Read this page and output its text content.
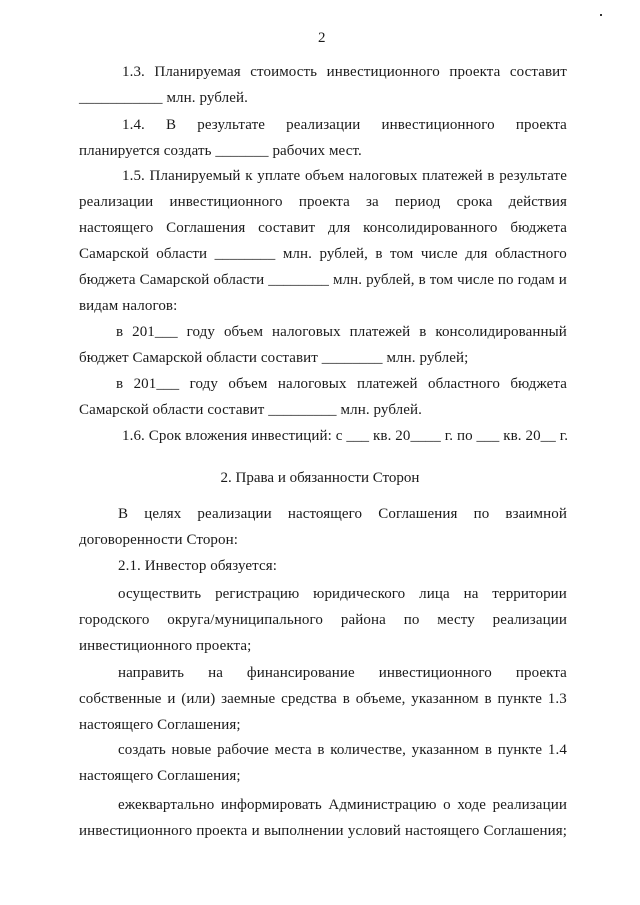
2
1.3. Планируемая стоимость инвестиционного проекта составит
___________ млн. рублей.
1.4. В результате реализации инвестиционного проекта
планируется создать _______ рабочих мест.
1.5. Планируемый к уплате объем налоговых платежей в результате
реализации инвестиционного проекта за период срока действия
настоящего Соглашения составит для консолидированного бюджета
Самарской области ________ млн. рублей, в том числе для областного
бюджета Самарской области ________ млн. рублей, в том числе по годам и
видам налогов:
в 201___ году объем налоговых платежей в консолидированный
бюджет Самарской области составит ________ млн. рублей;
в 201___ году объем налоговых платежей областного бюджета
Самарской области составит _________ млн. рублей.
1.6. Срок вложения инвестиций: с ___ кв. 20____ г. по ___ кв. 20__ г.
2. Права и обязанности Сторон
В целях реализации настоящего Соглашения по взаимной
договоренности Сторон:
2.1. Инвестор обязуется:
осуществить регистрацию юридического лица на территории
городского округа/муниципального района по месту реализации
инвестиционного проекта;
направить на финансирование инвестиционного проекта
собственные и (или) заемные средства в объеме, указанном в пункте 1.3
настоящего Соглашения;
создать новые рабочие места в количестве, указанном в пункте 1.4
настоящего Соглашения;
ежеквартально информировать Администрацию о ходе реализации
инвестиционного проекта и выполнении условий настоящего Соглашения;
